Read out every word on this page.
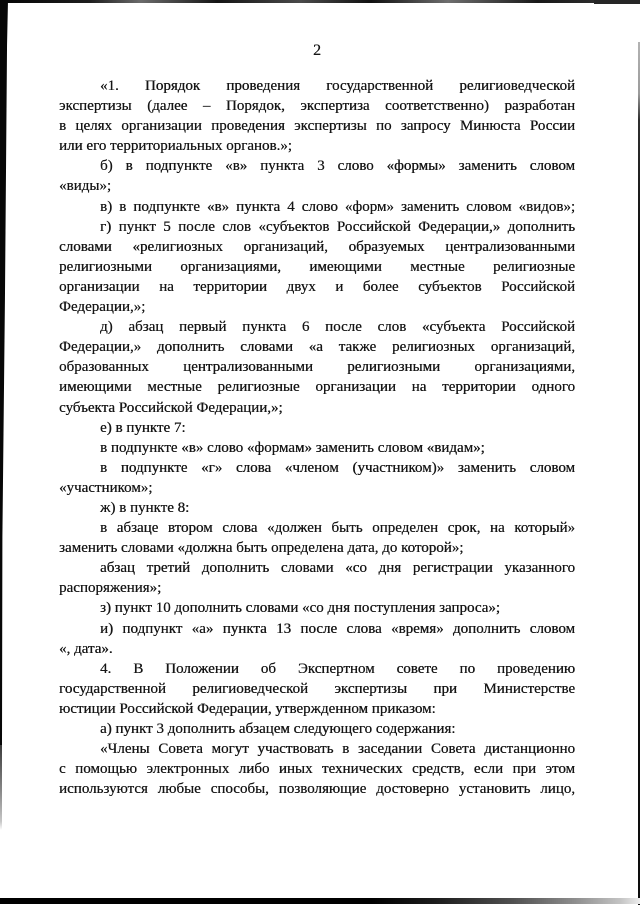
2
«1. Порядок проведения государственной религиоведческой
экспертизы (далее – Порядок, экспертиза соответственно) разработан
в целях организации проведения экспертизы по запросу Минюста России
или его территориальных органов.»;
б) в подпункте «в» пункта 3 слово «формы» заменить словом
«виды»;
в) в подпункте «в» пункта 4 слово «форм» заменить словом «видов»;
г) пункт 5 после слов «субъектов Российской Федерации,» дополнить
словами «религиозных организаций, образуемых централизованными
религиозными организациями, имеющими местные религиозные
организации на территории двух и более субъектов Российской
Федерации,»;
д) абзац первый пункта 6 после слов «субъекта Российской
Федерации,» дополнить словами «а также религиозных организаций,
образованных централизованными религиозными организациями,
имеющими местные религиозные организации на территории одного
субъекта Российской Федерации,»;
е) в пункте 7:
в подпункте «в» слово «формам» заменить словом «видам»;
в подпункте «г» слова «членом (участником)» заменить словом
«участником»;
ж) в пункте 8:
в абзаце втором слова «должен быть определен срок, на который»
заменить словами «должна быть определена дата, до которой»;
абзац третий дополнить словами «со дня регистрации указанного
распоряжения»;
з) пункт 10 дополнить словами «со дня поступления запроса»;
и) подпункт «а» пункта 13 после слова «время» дополнить словом
«, дата».
4. В Положении об Экспертном совете по проведению
государственной религиоведческой экспертизы при Министерстве
юстиции Российской Федерации, утвержденном приказом:
а) пункт 3 дополнить абзацем следующего содержания:
«Члены Совета могут участвовать в заседании Совета дистанционно
с помощью электронных либо иных технических средств, если при этом
используются любые способы, позволяющие достоверно установить лицо,
